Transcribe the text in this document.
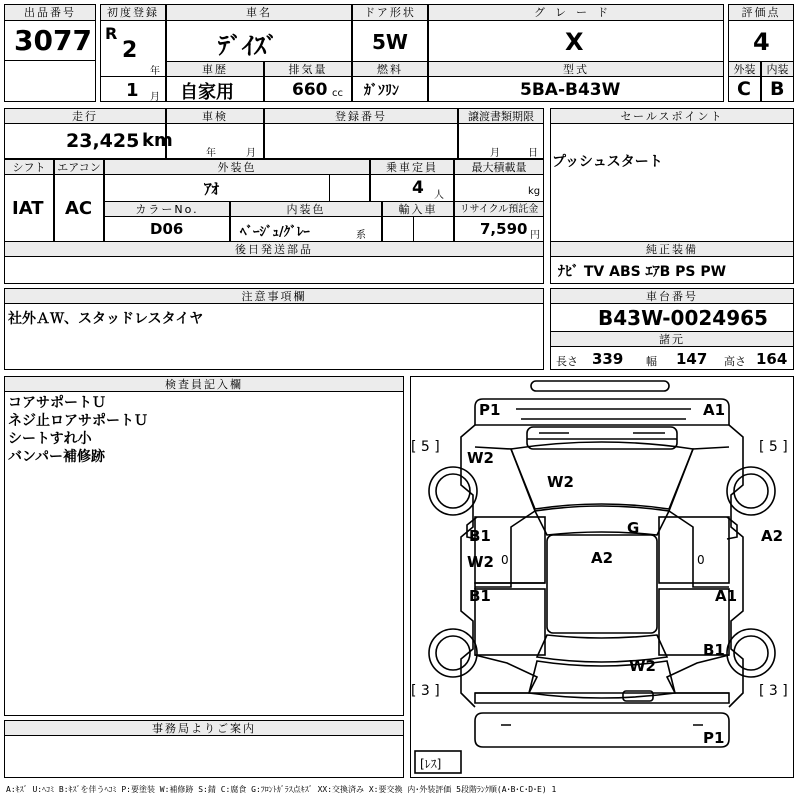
出品番号
3077
初度登録
R
2
年
1 月
車名
ﾃﾞｲｽﾞ
ドア形状
5W
グレード
X
評価点
4
車歴
自家用
排気量
660 cc
燃料
ｶﾞｿﾘﾝ
型式
5BA-B43W
外装	内装
C B
走行
23,425 km
車検
年	月
登録番号	譲渡書類期限
月	日
セールスポイント
プッシュスタート
シフト
IAT
エアコン
AC
外装色
ｱｵ
乗車定員
4 人
最大積載量
kg
カラーNo.
D06
内装色
ﾍﾞｰｼﾞｭ/ｸﾞﾚｰ	系
輸入車	リサイクル預託金
7,590 円
後日発送部品	純正装備
ﾅﾋﾞ TV ABS ｴｱB PS PW
注意事項欄
社外ＡＷ、スタッドレスタイヤ
車台番号
B43W-0024965
諸元
長さ 339 幅 147 高さ 164
検査員記入欄
コアサポートＵ
ネジ止ロアサポートＵ
シートすれ小
バンパー補修跡
事務局よりご案内
P1	A1
[ 5 ]	[ 5 ]
W2
W2
G	A2
B1
W2 0	A2	0
B1	A1
B1
W2
[ 3 ]	[ 3 ]
P1
[ﾚｽ]
A:ｷｽﾞ U:ﾍｺﾐ B:ｷｽﾞを伴うﾍｺﾐ P:要塗装 W:補修跡 S:錆 C:腐食 G:ﾌﾛﾝﾄｶﾞﾗｽ点ｷｽﾞ XX:交換済み X:要交換 内･外装評価 5段階ﾗﾝｸ順(A･B･C･D･E) 1
